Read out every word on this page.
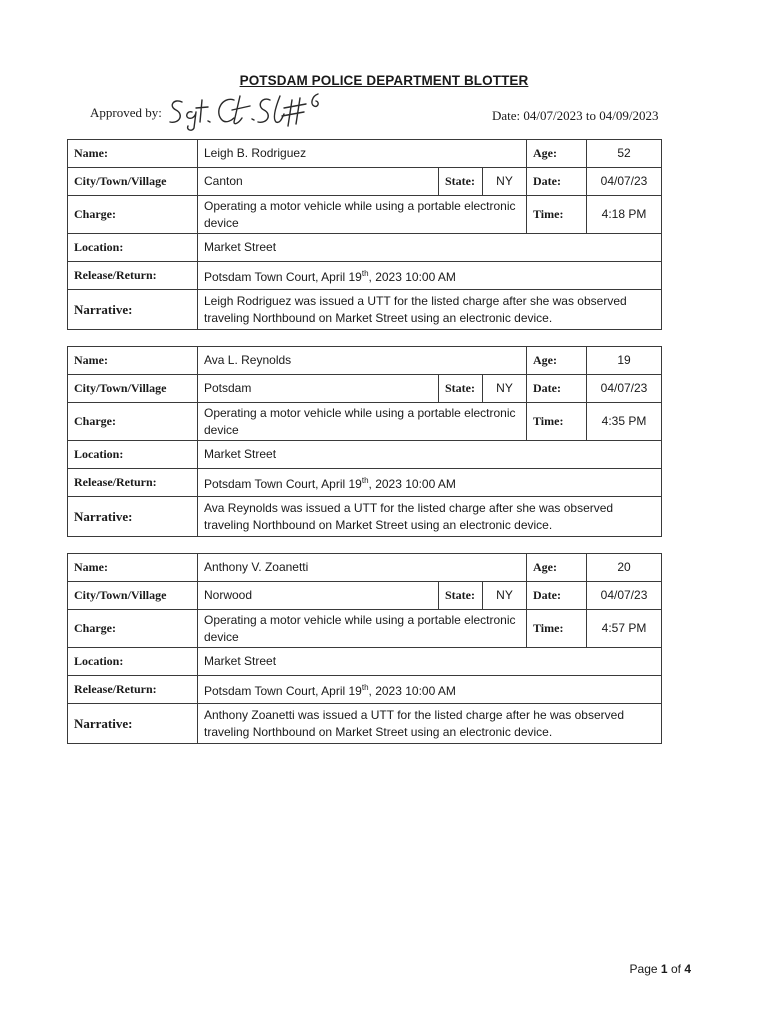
POTSDAM POLICE DEPARTMENT BLOTTER
Approved by:	Date: 04/07/2023 to 04/09/2023
Name:	Leigh B. Rodriguez			Age:	52
City/Town/Village	Canton	State:	NY	Date:	04/07/23
Charge:	Operating a motor vehicle while using a portable electronic device			Time:	4:18 PM
Location:	Market Street				
Release/Return:	Potsdam Town Court, April 19th, 2023 10:00 AM				
Narrative:	Leigh Rodriguez was issued a UTT for the listed charge after she was observed traveling Northbound on Market Street using an electronic device.				
Name:	Ava L. Reynolds			Age:	19
City/Town/Village	Potsdam	State:	NY	Date:	04/07/23
Charge:	Operating a motor vehicle while using a portable electronic device			Time:	4:35 PM
Location:	Market Street				
Release/Return:	Potsdam Town Court, April 19th, 2023 10:00 AM				
Narrative:	Ava Reynolds was issued a UTT for the listed charge after she was observed traveling Northbound on Market Street using an electronic device.				
Name:	Anthony V. Zoanetti			Age:	20
City/Town/Village	Norwood	State:	NY	Date:	04/07/23
Charge:	Operating a motor vehicle while using a portable electronic device			Time:	4:57 PM
Location:	Market Street				
Release/Return:	Potsdam Town Court, April 19th, 2023 10:00 AM				
Narrative:	Anthony Zoanetti was issued a UTT for the listed charge after he was observed traveling Northbound on Market Street using an electronic device.				
Page 1 of 4
